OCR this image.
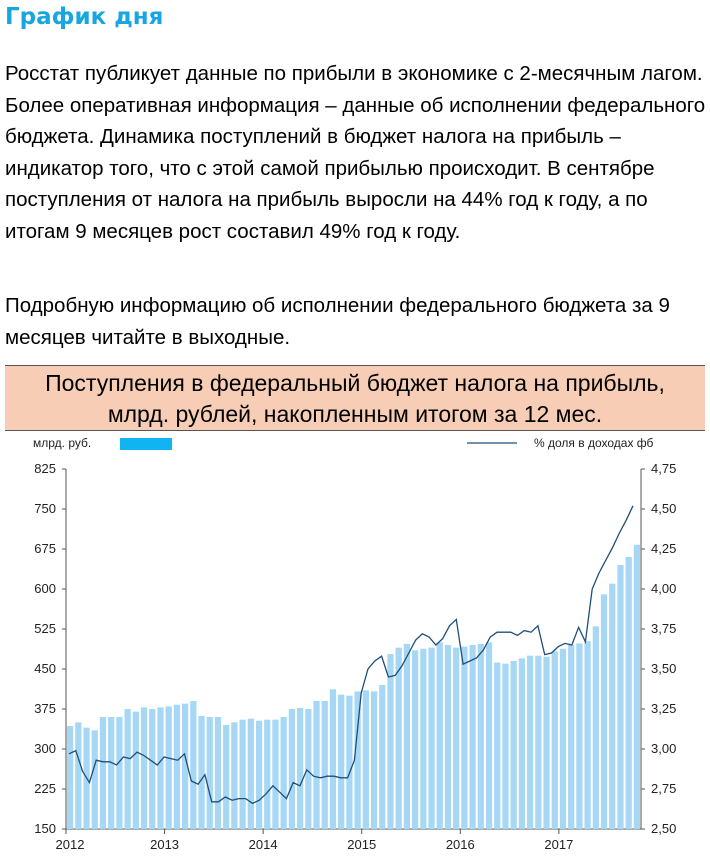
График дня
Росстат публикует данные по прибыли в экономике с 2-месячным лагом. Более оперативная информация – данные об исполнении федерального бюджета. Динамика поступлений в бюджет налога на прибыль – индикатор того, что с этой самой прибылью происходит. В сентябре поступления от налога на прибыль выросли на 44% год к году, а по итогам 9 месяцев рост составил 49% год к году.
Подробную информацию об исполнении федерального бюджета за 9 месяцев читайте в выходные.
Поступления в федеральный бюджет налога на прибыль,
млрд. рублей, накопленным итогом за 12 мес.
150
225
300
375
450
525
600
675
750
825
2,50
2,75
3,00
3,25
3,50
3,75
4,00
4,25
4,50
4,75
2012	2013	2014	2015	2016	2017
млрд. руб.	% доля в доходах фб
